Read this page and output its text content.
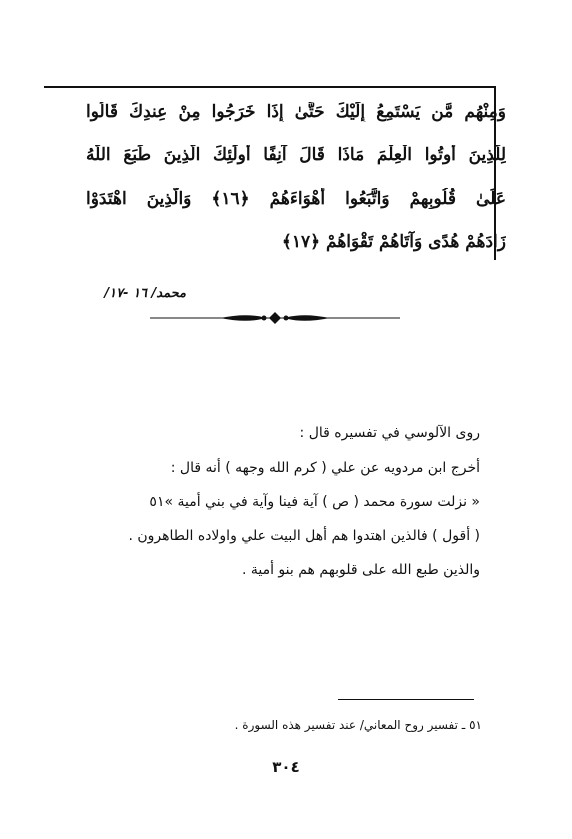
وَمِنْهُم مَّن يَسْتَمِعُ إِلَيْكَ حَتَّىٰ إِذَا خَرَجُوا مِنْ عِندِكَ قَالُوا
لِلَّذِينَ أُوتُوا الْعِلْمَ مَاذَا قَالَ آنِفًا أُولَٰئِكَ الَّذِينَ طَبَعَ اللَّهُ
عَلَىٰ قُلُوبِهِمْ وَاتَّبَعُوا أَهْوَاءَهُمْ ﴿١٦﴾ وَالَّذِينَ اهْتَدَوْا
زَادَهُمْ هُدًى وَآتَاهُمْ تَقْوَاهُمْ ﴿١٧﴾
محمد/ ١٦ -١٧/
روى الآلوسي في تفسيره قال :
أخرج ابن مردويه عن علي ( كرم الله وجهه ) أنه قال :
« نزلت سورة محمد ( ص ) آية فينا وآية في بني أمية »٥١
( أقول ) فالذين اهتدوا هم أهل البيت علي واولاده الطاهرون .
والذين طبع الله على قلوبهم هم بنو أمية .
٥١ ـ تفسير روح المعاني/ عند تفسير هذه السورة .
٣٠٤
